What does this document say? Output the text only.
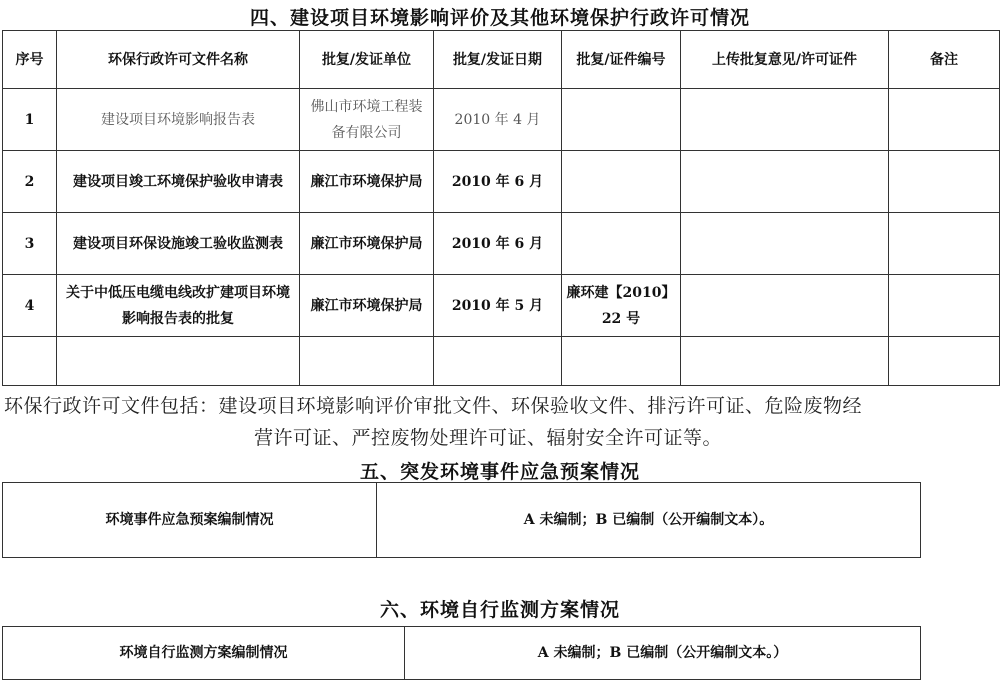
四、建设项目环境影响评价及其他环境保护行政许可情况
序号	环保行政许可文件名称	批复/发证单位	批复/发证日期	批复/证件编号	上传批复意见/许可证件	备注
1	建设项目环境影响报告表	佛山市环境工程装备有限公司	2010 年 4 月			
2	建设项目竣工环境保护验收申请表	廉江市环境保护局	2010 年 6 月			
3	建设项目环保设施竣工验收监测表	廉江市环境保护局	2010 年 6 月			
4	关于中低压电缆电线改扩建项目环境影响报告表的批复	廉江市环境保护局	2010 年 5 月	廉环建【2010】22 号		

环保行政许可文件包括：建设项目环境影响评价审批文件、环保验收文件、排污许可证、危险废物经
营许可证、严控废物处理许可证、辐射安全许可证等。
五、突发环境事件应急预案情况
环境事件应急预案编制情况	A 未编制；B 已编制（公开编制文本）。
六、环境自行监测方案情况
环境自行监测方案编制情况	A 未编制；B 已编制（公开编制文本。）
